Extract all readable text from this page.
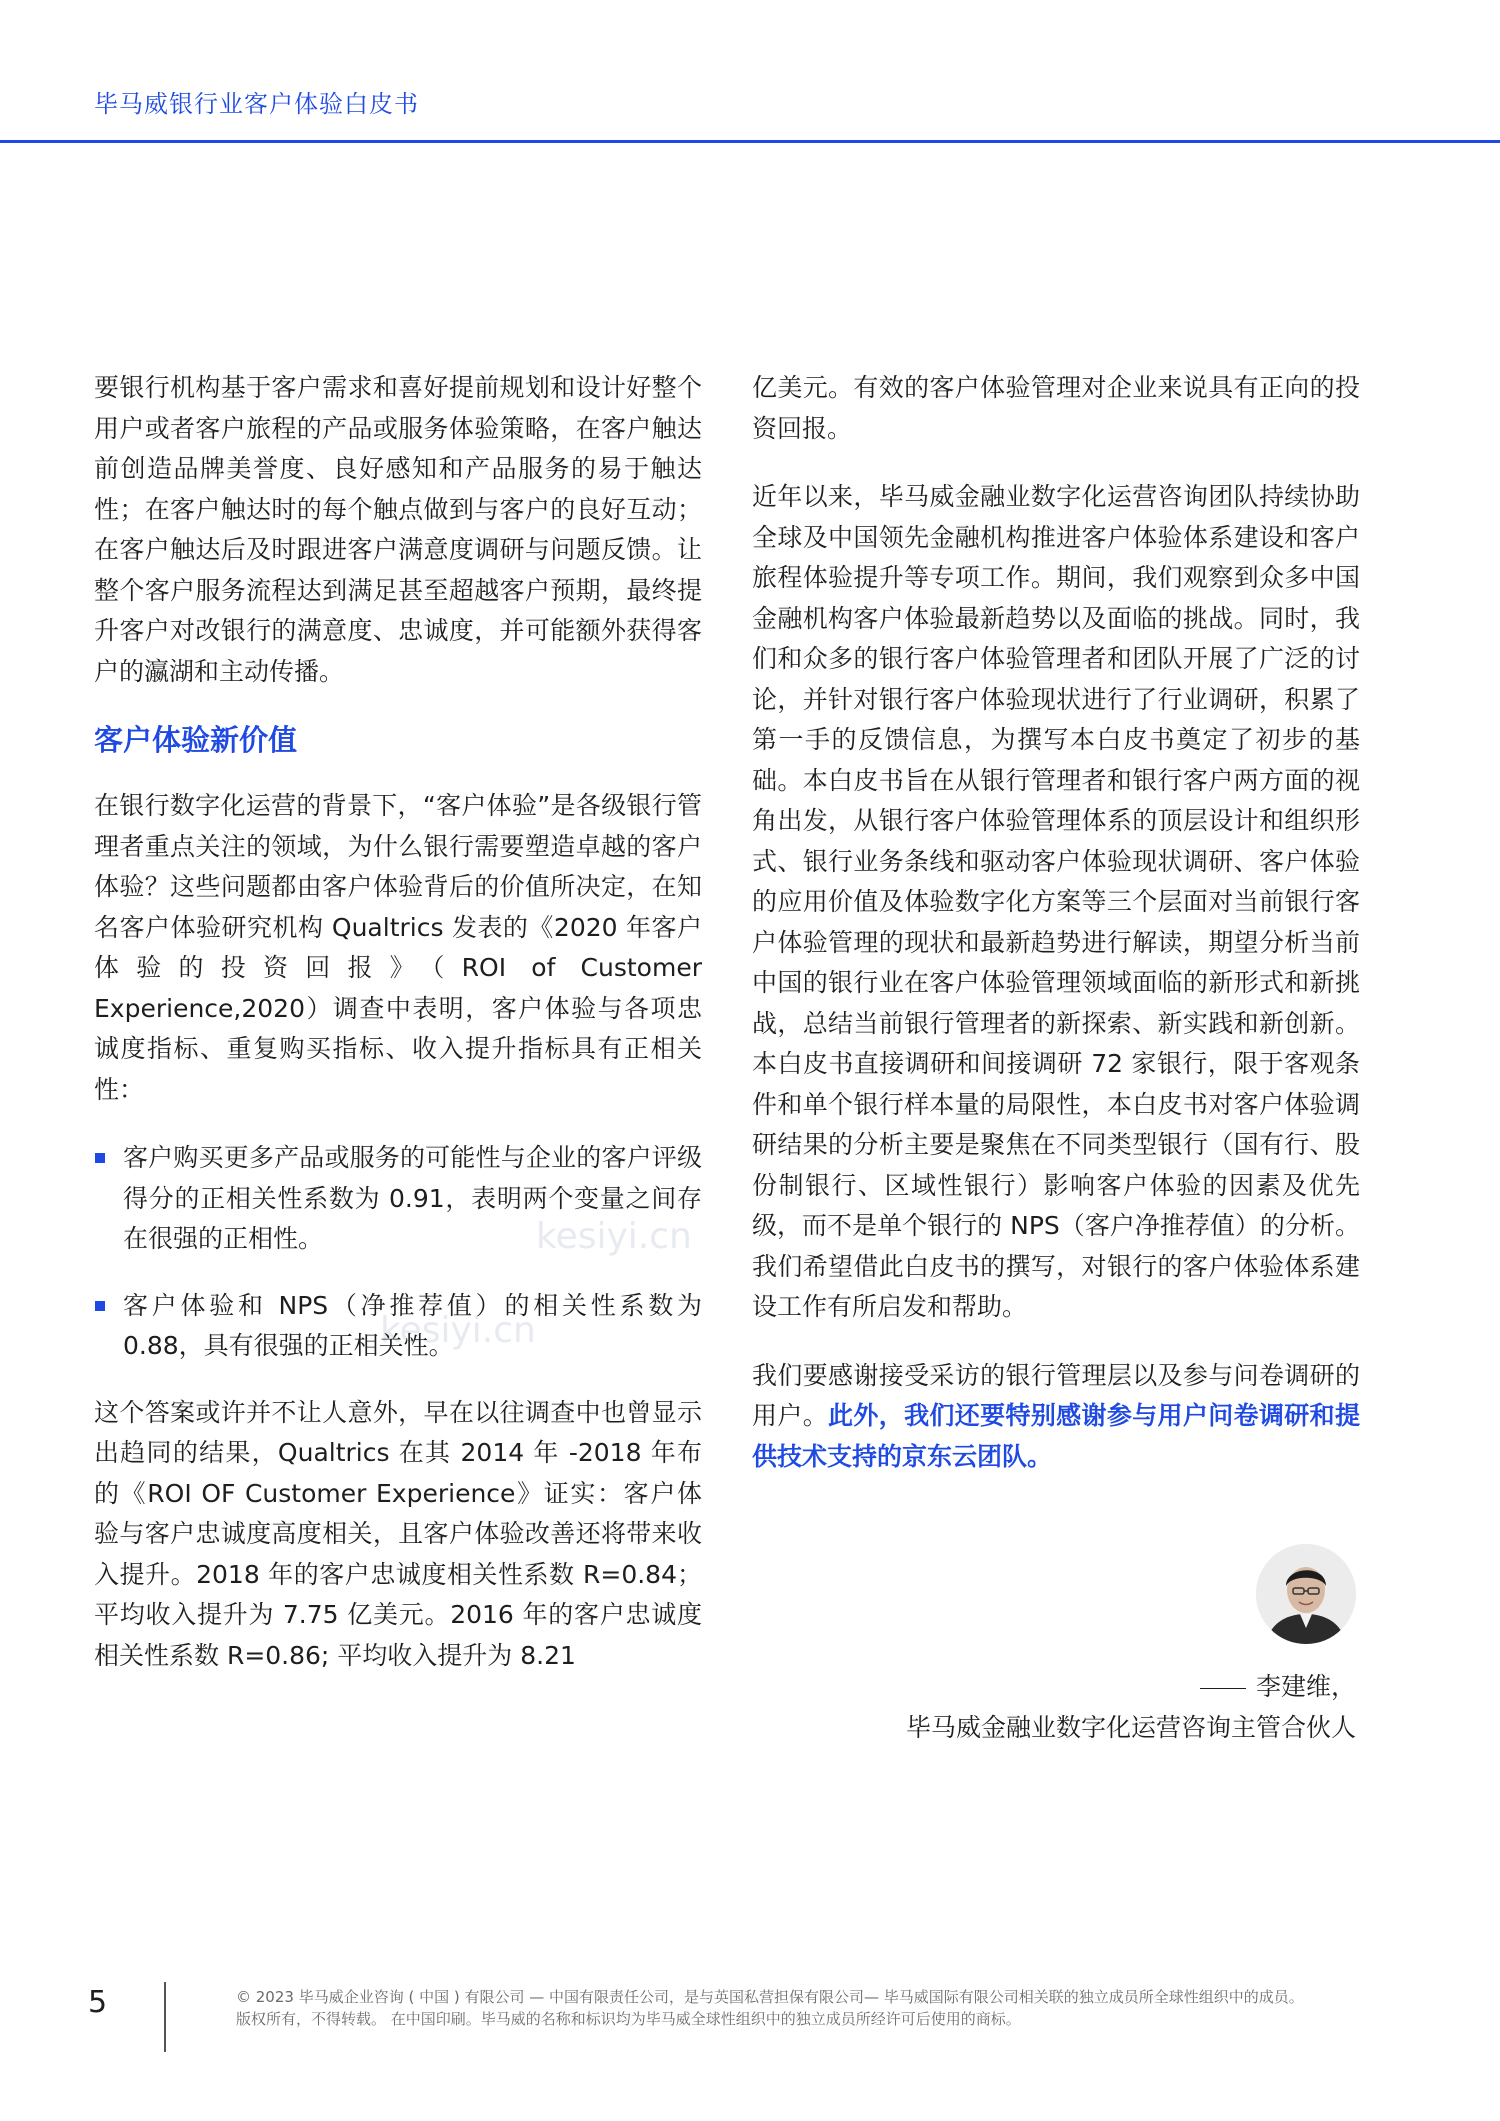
毕马威银行业客户体验白皮书
kesiyi.cn
kesiyi.cn

要银行机构基于客户需求和喜好提前规划和设计好整个用户或者客户旅程的产品或服务体验策略，在客户触达前创造品牌美誉度、良好感知和产品服务的易于触达性；在客户触达时的每个触点做到与客户的良好互动；在客户触达后及时跟进客户满意度调研与问题反馈。让整个客户服务流程达到满足甚至超越客户预期，最终提升客户对改银行的满意度、忠诚度，并可能额外获得客户的瀛湖和主动传播。

客户体验新价值

在银行数字化运营的背景下，“客户体验”是各级银行管理者重点关注的领域，为什么银行需要塑造卓越的客户体验？这些问题都由客户体验背后的价值所决定，在知名客户体验研究机构 Qualtrics 发表的《2020 年客户体验的投资回报》（ROI of Customer Experience,2020）调查中表明，客户体验与各项忠诚度指标、重复购买指标、收入提升指标具有正相关性：

客户购买更多产品或服务的可能性与企业的客户评级得分的正相关性系数为 0.91，表明两个变量之间存在很强的正相性。
客户体验和 NPS（净推荐值）的相关性系数为 0.88，具有很强的正相关性。

这个答案或许并不让人意外，早在以往调查中也曾显示出趋同的结果，Qualtrics 在其 2014 年 -2018 年布的《ROI OF Customer Experience》证实：客户体验与客户忠诚度高度相关，且客户体验改善还将带来收入提升。2018 年的客户忠诚度相关性系数 R=0.84；平均收入提升为 7.75 亿美元。2016 年的客户忠诚度相关性系数 R=0.86; 平均收入提升为 8.21

亿美元。有效的客户体验管理对企业来说具有正向的投资回报。

近年以来，毕马威金融业数字化运营咨询团队持续协助全球及中国领先金融机构推进客户体验体系建设和客户旅程体验提升等专项工作。期间，我们观察到众多中国金融机构客户体验最新趋势以及面临的挑战。同时，我们和众多的银行客户体验管理者和团队开展了广泛的讨论，并针对银行客户体验现状进行了行业调研，积累了第一手的反馈信息，为撰写本白皮书奠定了初步的基础。本白皮书旨在从银行管理者和银行客户两方面的视角出发，从银行客户体验管理体系的顶层设计和组织形式、银行业务条线和驱动客户体验现状调研、客户体验的应用价值及体验数字化方案等三个层面对当前银行客户体验管理的现状和最新趋势进行解读，期望分析当前中国的银行业在客户体验管理领域面临的新形式和新挑战，总结当前银行管理者的新探索、新实践和新创新。本白皮书直接调研和间接调研 72 家银行，限于客观条件和单个银行样本量的局限性，本白皮书对客户体验调研结果的分析主要是聚焦在不同类型银行（国有行、股份制银行、区域性银行）影响客户体验的因素及优先级，而不是单个银行的 NPS（客户净推荐值）的分析。我们希望借此白皮书的撰写，对银行的客户体验体系建设工作有所启发和帮助。

我们要感谢接受采访的银行管理层以及参与问卷调研的用户。此外，我们还要特别感谢参与用户问卷调研和提供技术支持的京东云团队。

李建维，
毕马威金融业数字化运营咨询主管合伙人
5	© 2023 毕马威企业咨询 ( 中国 ) 有限公司 — 中国有限责任公司，是与英国私营担保有限公司— 毕马威国际有限公司相关联的独立成员所全球性组织中的成员。
版权所有，不得转载。 在中国印刷。毕马威的名称和标识均为毕马威全球性组织中的独立成员所经许可后使用的商标。
